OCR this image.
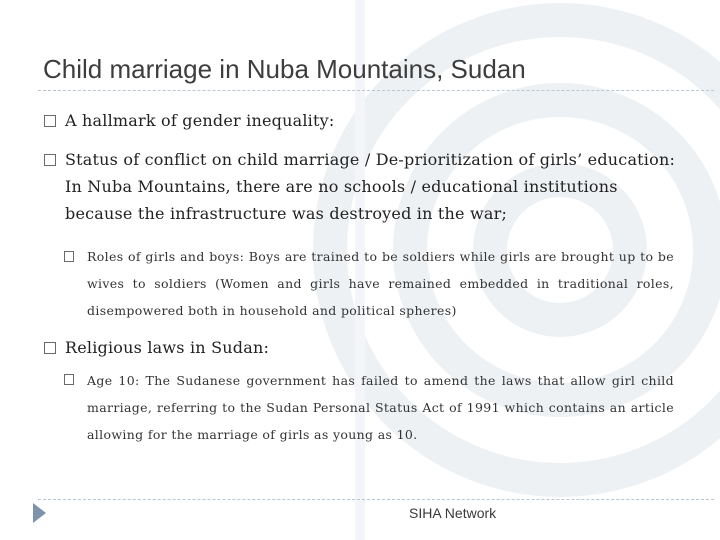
Child marriage in Nuba Mountains, Sudan
A hallmark of gender inequality:
Status of conflict on child marriage / De-prioritization of girls’ education: In Nuba Mountains, there are no schools / educational institutions because the infrastructure was destroyed in the war;
Roles of girls and boys: Boys are trained to be soldiers while girls are brought up to be wives to soldiers (Women and girls have remained embedded in traditional roles, disempowered both in household and political spheres)
Religious laws in Sudan:
Age 10: The Sudanese government has failed to amend the laws that allow girl child marriage, referring to the Sudan Personal Status Act of 1991 which contains an article allowing for the marriage of girls as young as 10.
SIHA Network
